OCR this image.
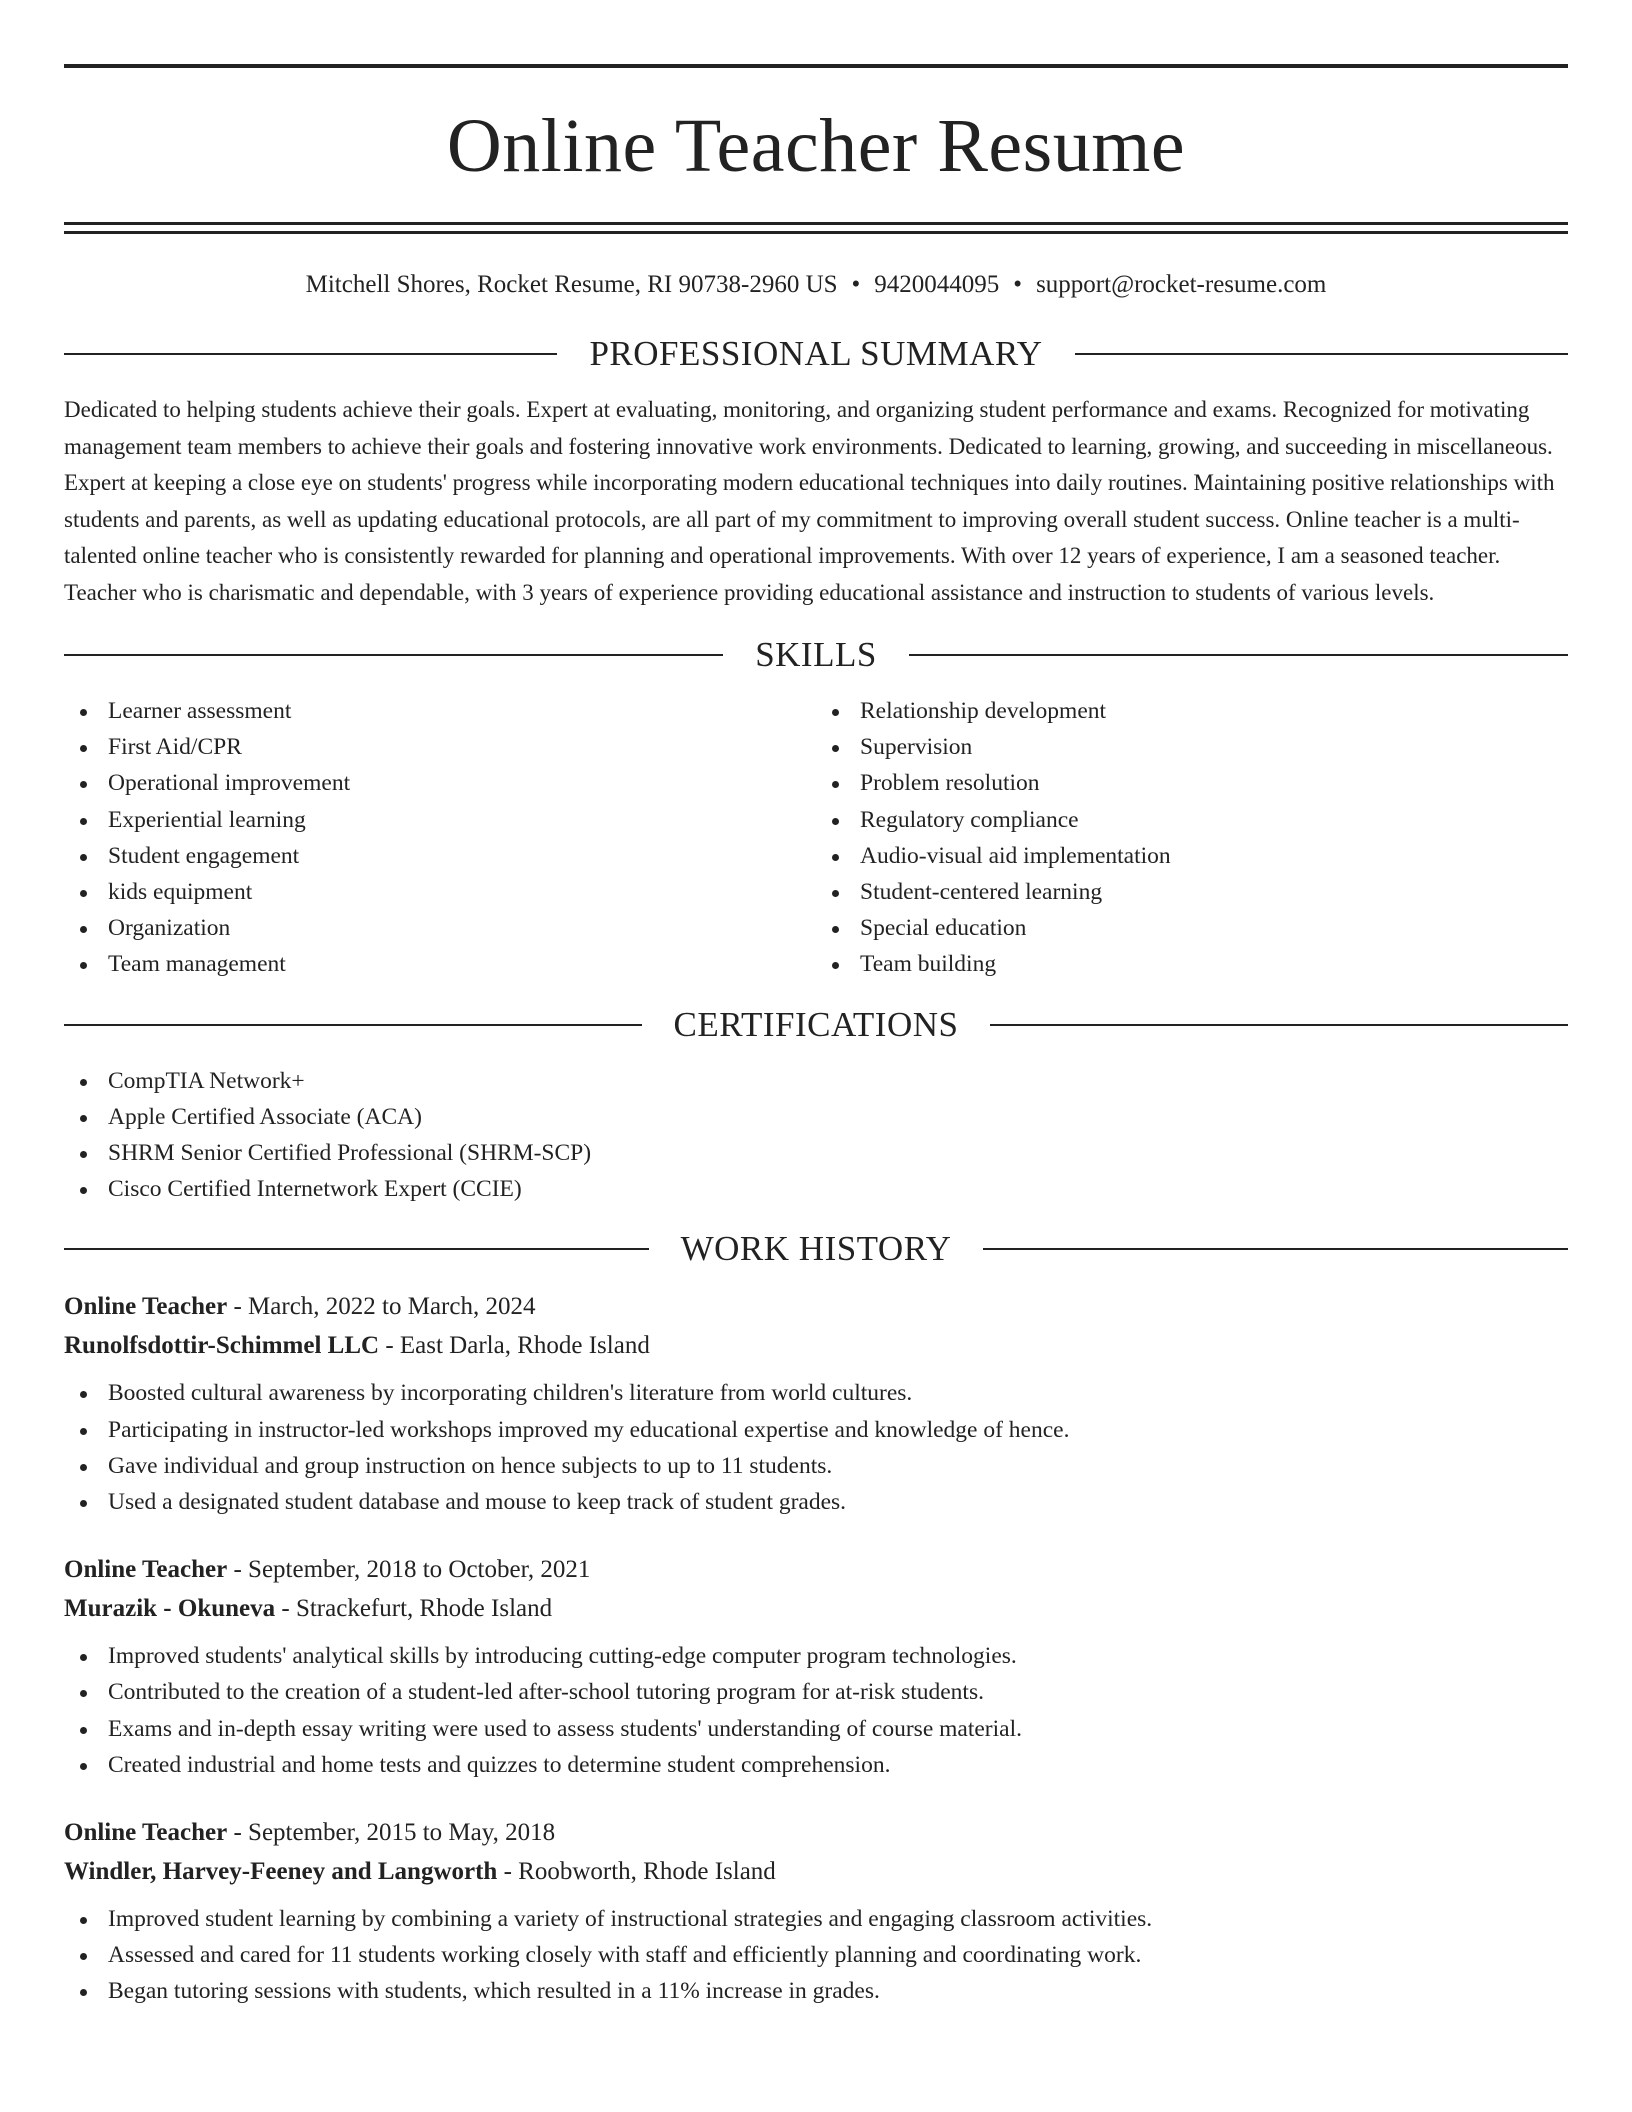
Online Teacher Resume
Mitchell Shores, Rocket Resume, RI 90738-2960 US • 9420044095 • support@rocket-resume.com
PROFESSIONAL SUMMARY

Dedicated to helping students achieve their goals. Expert at evaluating, monitoring, and organizing student performance and exams. Recognized for motivating management team members to achieve their goals and fostering innovative work environments. Dedicated to learning, growing, and succeeding in miscellaneous. Expert at keeping a close eye on students' progress while incorporating modern educational techniques into daily routines. Maintaining positive relationships with students and parents, as well as updating educational protocols, are all part of my commitment to improving overall student success. Online teacher is a multi-talented online teacher who is consistently rewarded for planning and operational improvements. With over 12 years of experience, I am a seasoned teacher. Teacher who is charismatic and dependable, with 3 years of experience providing educational assistance and instruction to students of various levels.

SKILLS
Learner assessment
First Aid/CPR
Operational improvement
Experiential learning
Student engagement
kids equipment
Organization
Team management
Relationship development
Supervision
Problem resolution
Regulatory compliance
Audio-visual aid implementation
Student-centered learning
Special education
Team building
CERTIFICATIONS
CompTIA Network+
Apple Certified Associate (ACA)
SHRM Senior Certified Professional (SHRM-SCP)
Cisco Certified Internetwork Expert (CCIE)
WORK HISTORY
Online Teacher - March, 2022 to March, 2024
Runolfsdottir-Schimmel LLC - East Darla, Rhode Island
Boosted cultural awareness by incorporating children's literature from world cultures.
Participating in instructor-led workshops improved my educational expertise and knowledge of hence.
Gave individual and group instruction on hence subjects to up to 11 students.
Used a designated student database and mouse to keep track of student grades.
Online Teacher - September, 2018 to October, 2021
Murazik - Okuneva - Strackefurt, Rhode Island
Improved students' analytical skills by introducing cutting-edge computer program technologies.
Contributed to the creation of a student-led after-school tutoring program for at-risk students.
Exams and in-depth essay writing were used to assess students' understanding of course material.
Created industrial and home tests and quizzes to determine student comprehension.
Online Teacher - September, 2015 to May, 2018
Windler, Harvey-Feeney and Langworth - Roobworth, Rhode Island
Improved student learning by combining a variety of instructional strategies and engaging classroom activities.
Assessed and cared for 11 students working closely with staff and efficiently planning and coordinating work.
Began tutoring sessions with students, which resulted in a 11% increase in grades.
